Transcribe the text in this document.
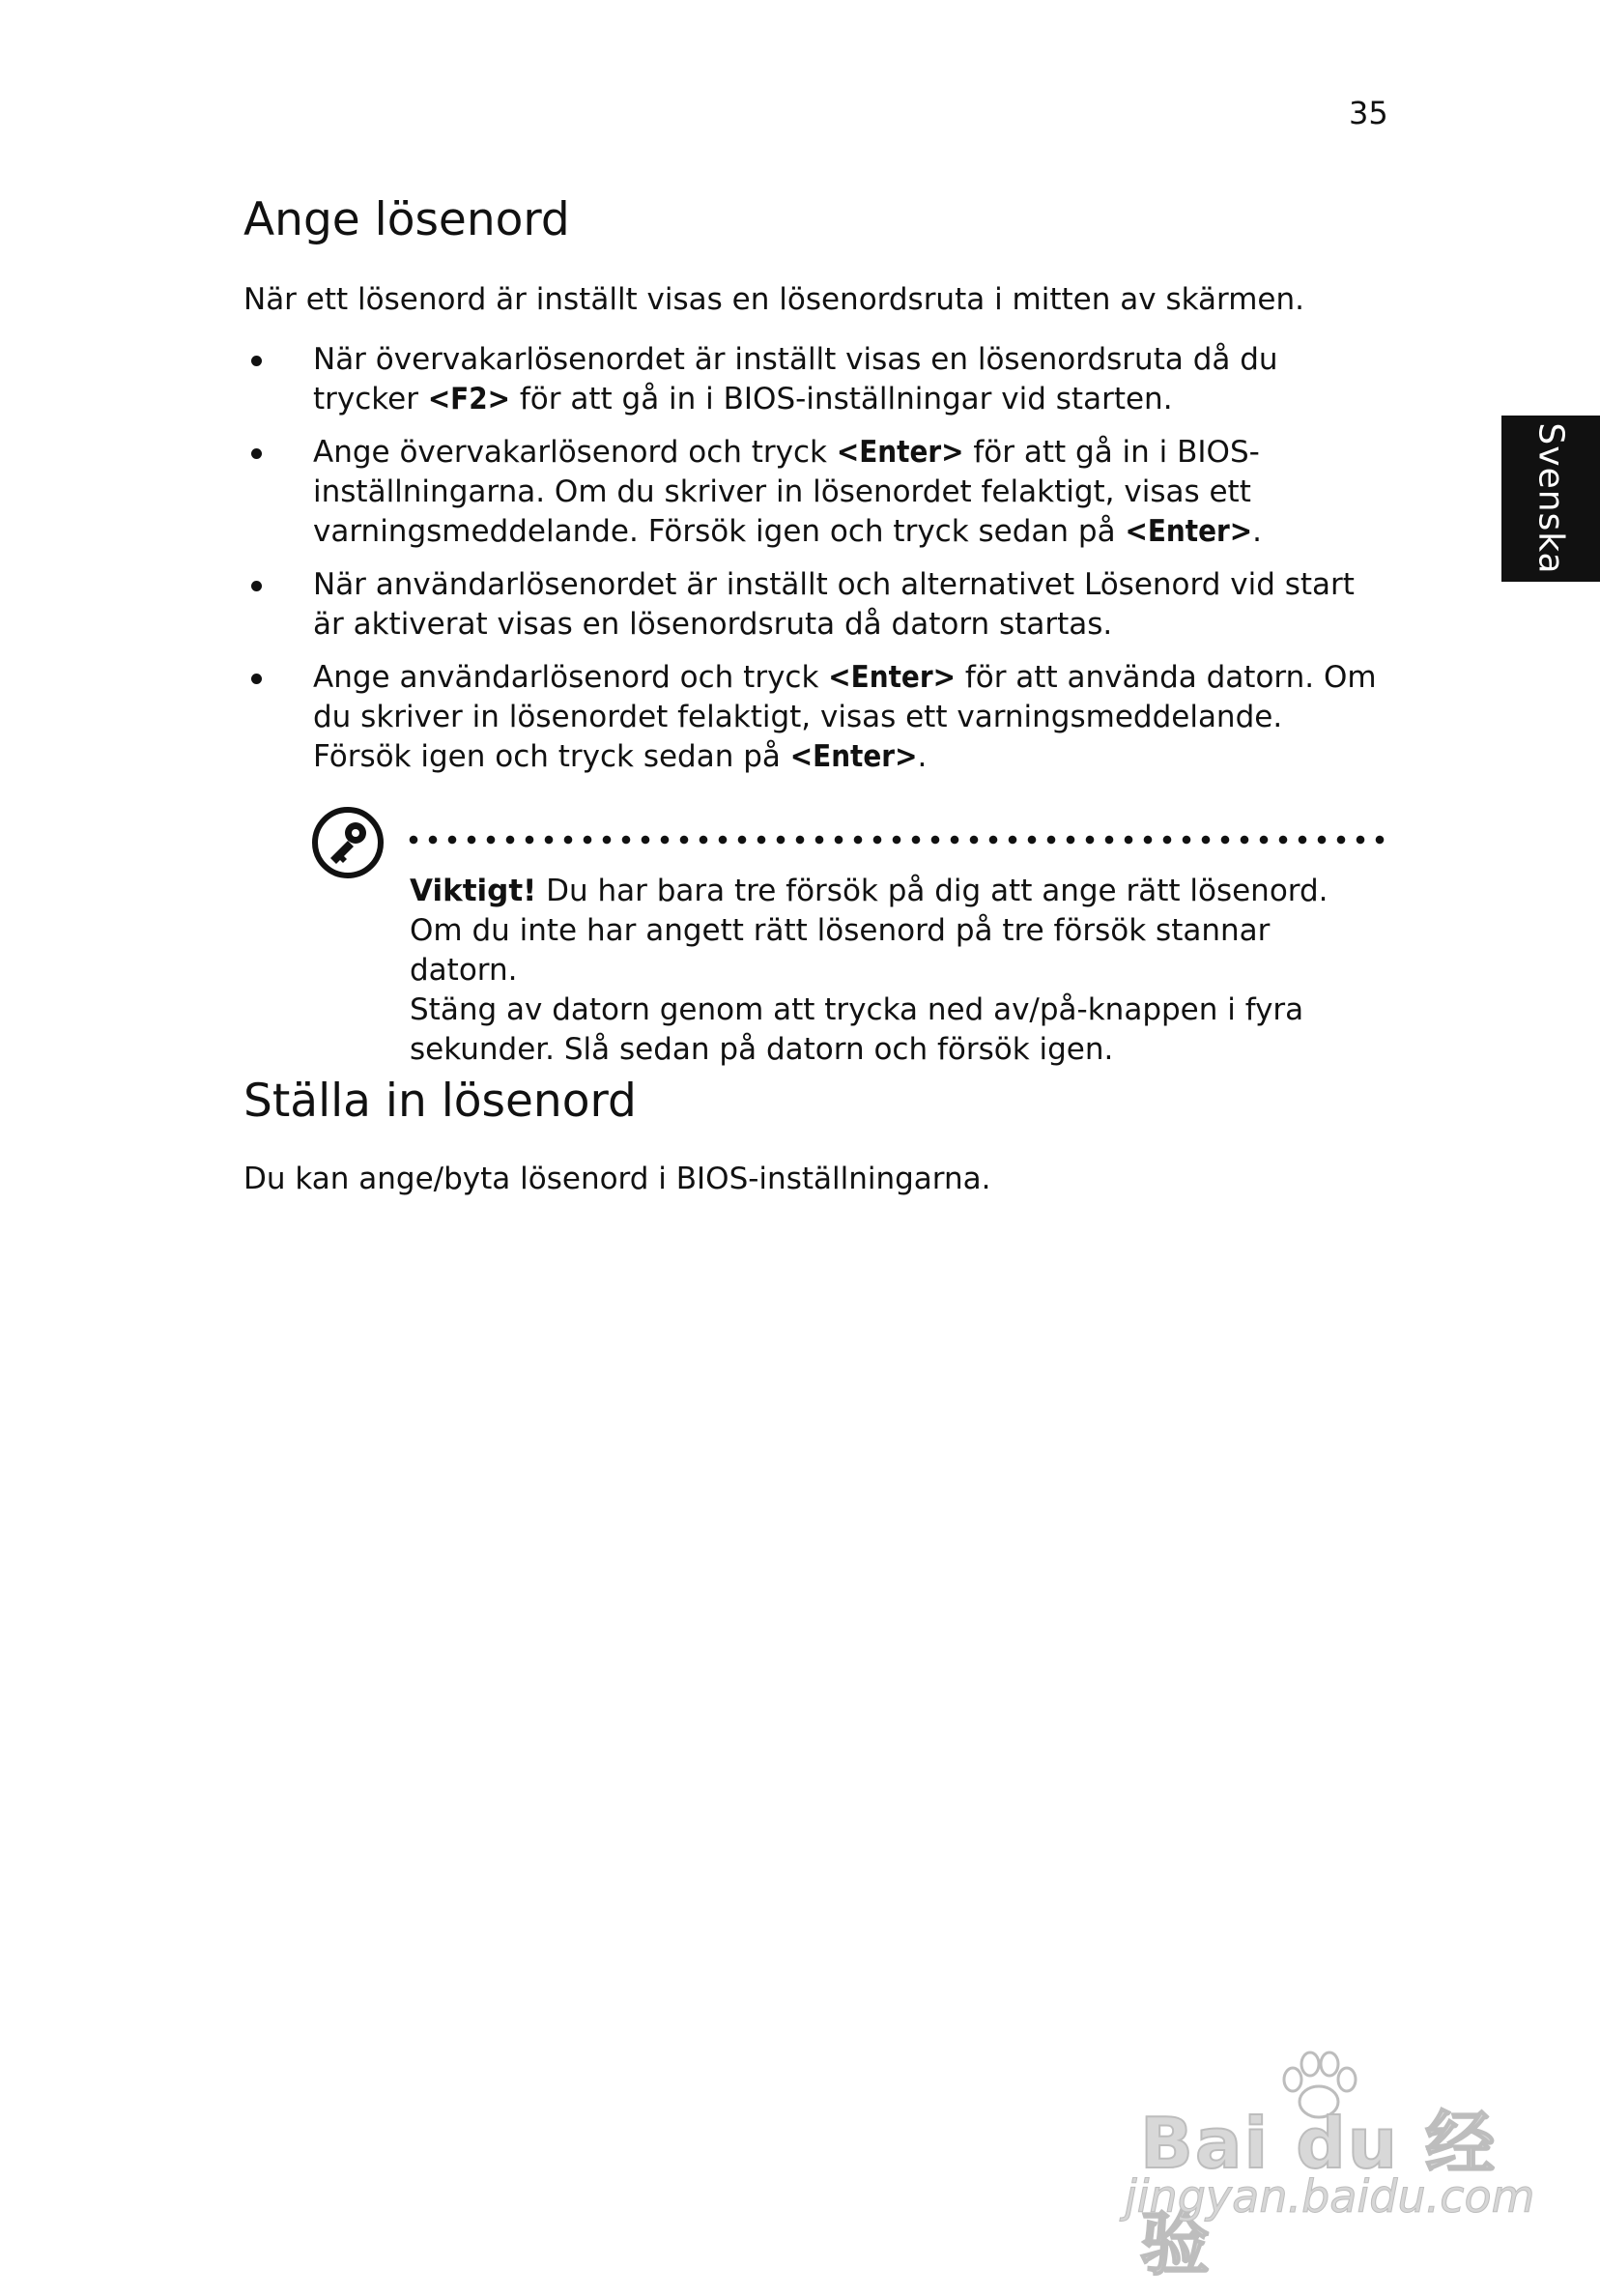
35
Svenska
Ange lösenord

När ett lösenord är inställt visas en lösenordsruta i mitten av skärmen.

När övervakarlösenordet är inställt visas en lösenordsruta då du trycker <F2> för att gå in i BIOS-inställningar vid starten.
Ange övervakarlösenord och tryck <Enter> för att gå in i BIOS-inställningarna. Om du skriver in lösenordet felaktigt, visas ett varningsmeddelande. Försök igen och tryck sedan på <Enter>.
När användarlösenordet är inställt och alternativet Lösenord vid start är aktiverat visas en lösenordsruta då datorn startas.
Ange användarlösenord och tryck <Enter> för att använda datorn. Om du skriver in lösenordet felaktigt, visas ett varningsmeddelande. Försök igen och tryck sedan på <Enter>.

Viktigt! Du har bara tre försök på dig att ange rätt lösenord.
Om du inte har angett rätt lösenord på tre försök stannar datorn.
Stäng av datorn genom att trycka ned av/på-knappen i fyra
sekunder. Slå sedan på datorn och försök igen.

Ställa in lösenord

Du kan ange/byta lösenord i BIOS-inställningarna.

Bai du 经验
jingyan.baidu.com
